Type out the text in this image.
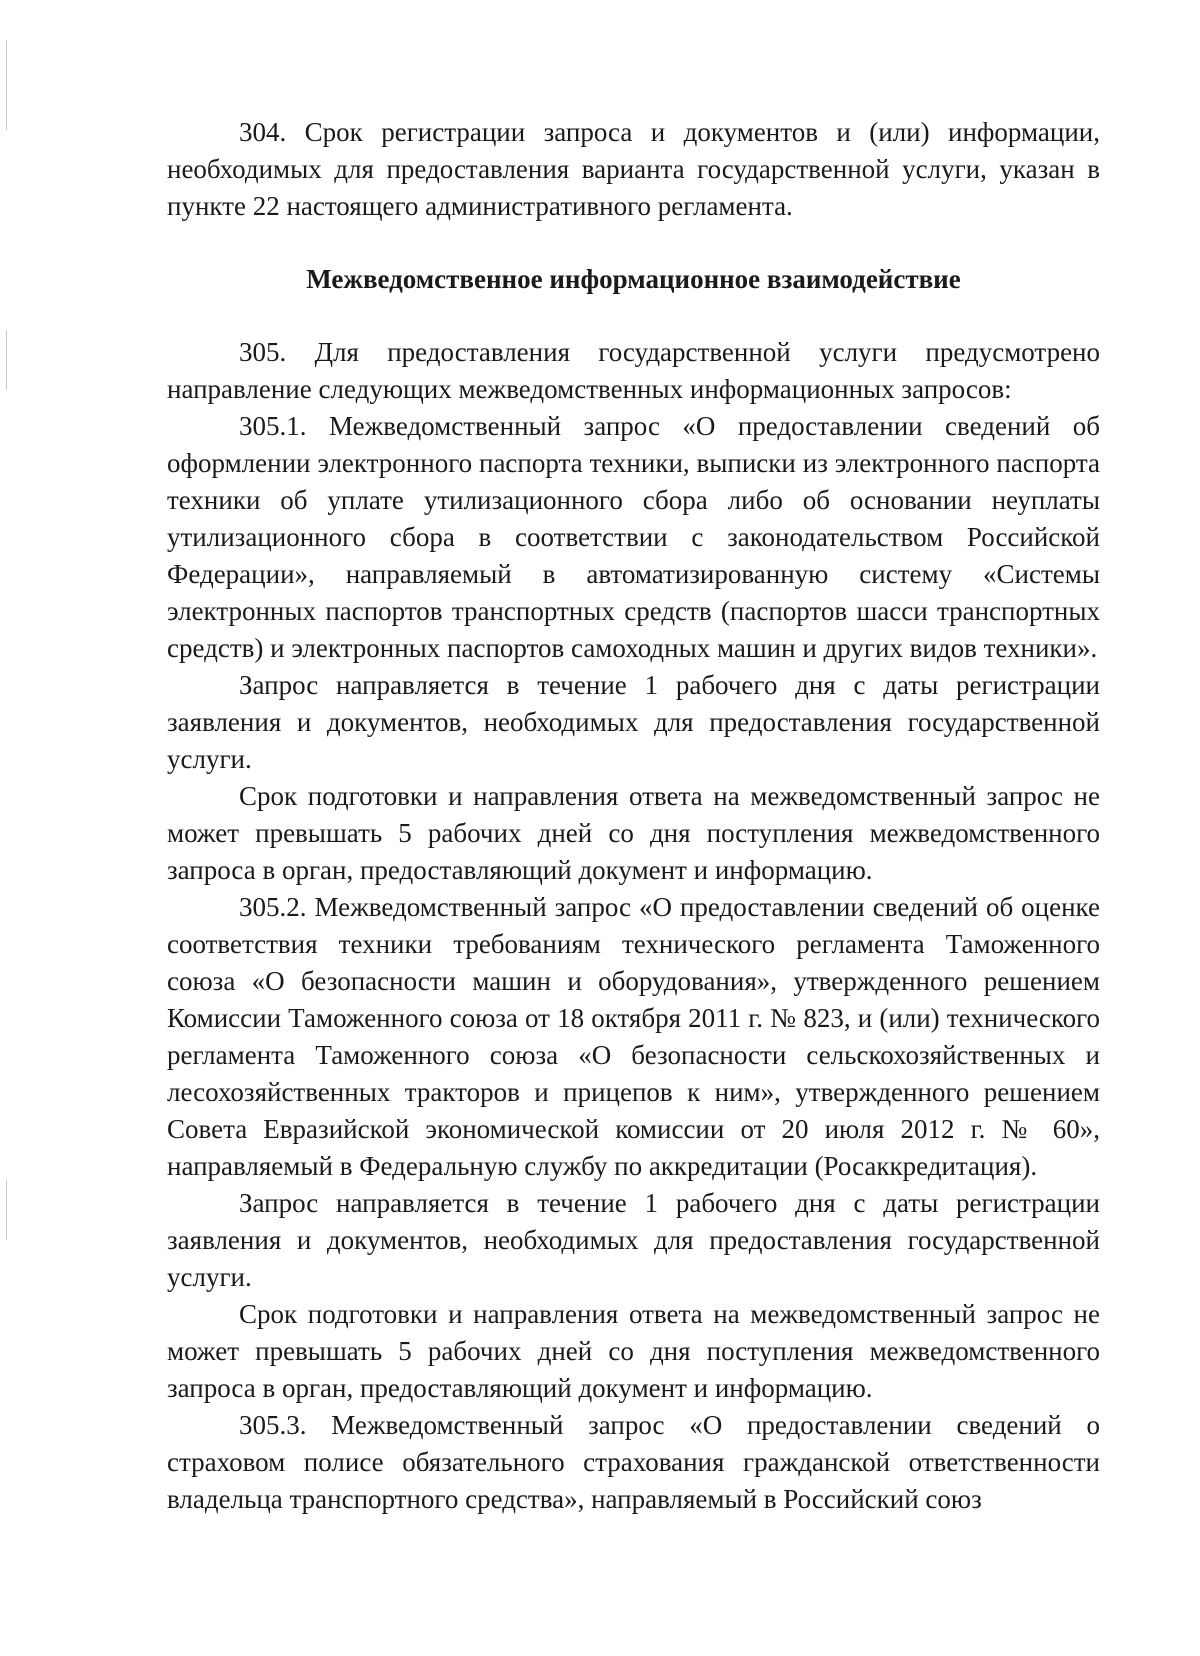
304. Срок регистрации запроса и документов и (или) информации, необходимых для предоставления варианта государственной услуги, указан в пункте 22 настоящего административного регламента.

Межведомственное информационное взаимодействие

305. Для предоставления государственной услуги предусмотрено направление следующих межведомственных информационных запросов:

305.1. Межведомственный запрос «О предоставлении сведений об оформлении электронного паспорта техники, выписки из электронного паспорта техники об уплате утилизационного сбора либо об основании неуплаты утилизационного сбора в соответствии с законодательством Российской Федерации», направляемый в автоматизированную систему «Системы электронных паспортов транспортных средств (паспортов шасси транспортных средств) и электронных паспортов самоходных машин и других видов техники».

Запрос направляется в течение 1 рабочего дня с даты регистрации заявления и документов, необходимых для предоставления государственной услуги.

Срок подготовки и направления ответа на межведомственный запрос не может превышать 5 рабочих дней со дня поступления межведомственного запроса в орган, предоставляющий документ и информацию.

305.2. Межведомственный запрос «О предоставлении сведений об оценке соответствия техники требованиям технического регламента Таможенного союза «О безопасности машин и оборудования», утвержденного решением Комиссии Таможенного союза от 18 октября 2011 г. № 823, и (или) технического регламента Таможенного союза «О безопасности сельскохозяйственных и лесохозяйственных тракторов и прицепов к ним», утвержденного решением Совета Евразийской экономической комиссии от 20 июля 2012 г. № 60», направляемый в Федеральную службу по аккредитации (Росаккредитация).

Запрос направляется в течение 1 рабочего дня с даты регистрации заявления и документов, необходимых для предоставления государственной услуги.

Срок подготовки и направления ответа на межведомственный запрос не может превышать 5 рабочих дней со дня поступления межведомственного запроса в орган, предоставляющий документ и информацию.

305.3. Межведомственный запрос «О предоставлении сведений о страховом полисе обязательного страхования гражданской ответственности владельца транспортного средства», направляемый в Российский союз
